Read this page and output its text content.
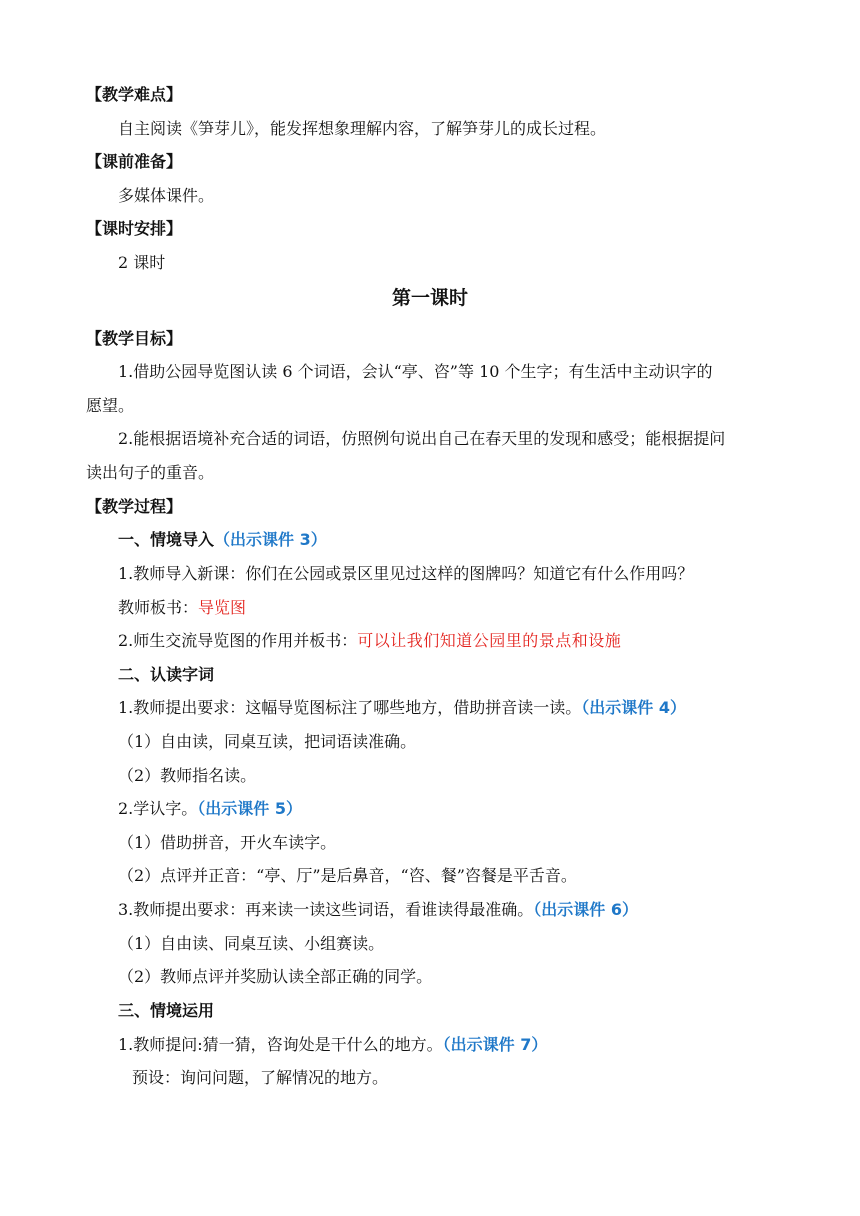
【教学难点】
自主阅读《笋芽儿》，能发挥想象理解内容，了解笋芽儿的成长过程。
【课前准备】
多媒体课件。
【课时安排】
2 课时
第一课时
【教学目标】
1.借助公园导览图认读 6 个词语，会认“亭、咨”等 10 个生字；有生活中主动识字的
愿望。
2.能根据语境补充合适的词语，仿照例句说出自己在春天里的发现和感受；能根据提问
读出句子的重音。
【教学过程】
一、情境导入（出示课件 3）
1.教师导入新课：你们在公园或景区里见过这样的图牌吗？知道它有什么作用吗？
教师板书：导览图
2.师生交流导览图的作用并板书：可以让我们知道公园里的景点和设施
二、认读字词
1.教师提出要求：这幅导览图标注了哪些地方，借助拼音读一读。（出示课件 4）
（1）自由读，同桌互读，把词语读准确。
（2）教师指名读。
2.学认字。（出示课件 5）
（1）借助拼音，开火车读字。
（2）点评并正音：“亭、厅”是后鼻音，“咨、餐”咨餐是平舌音。
3.教师提出要求：再来读一读这些词语，看谁读得最准确。（出示课件 6）
（1）自由读、同桌互读、小组赛读。
（2）教师点评并奖励认读全部正确的同学。
三、情境运用
1.教师提问:猜一猜，咨询处是干什么的地方。（出示课件 7）
预设：询问问题，了解情况的地方。
